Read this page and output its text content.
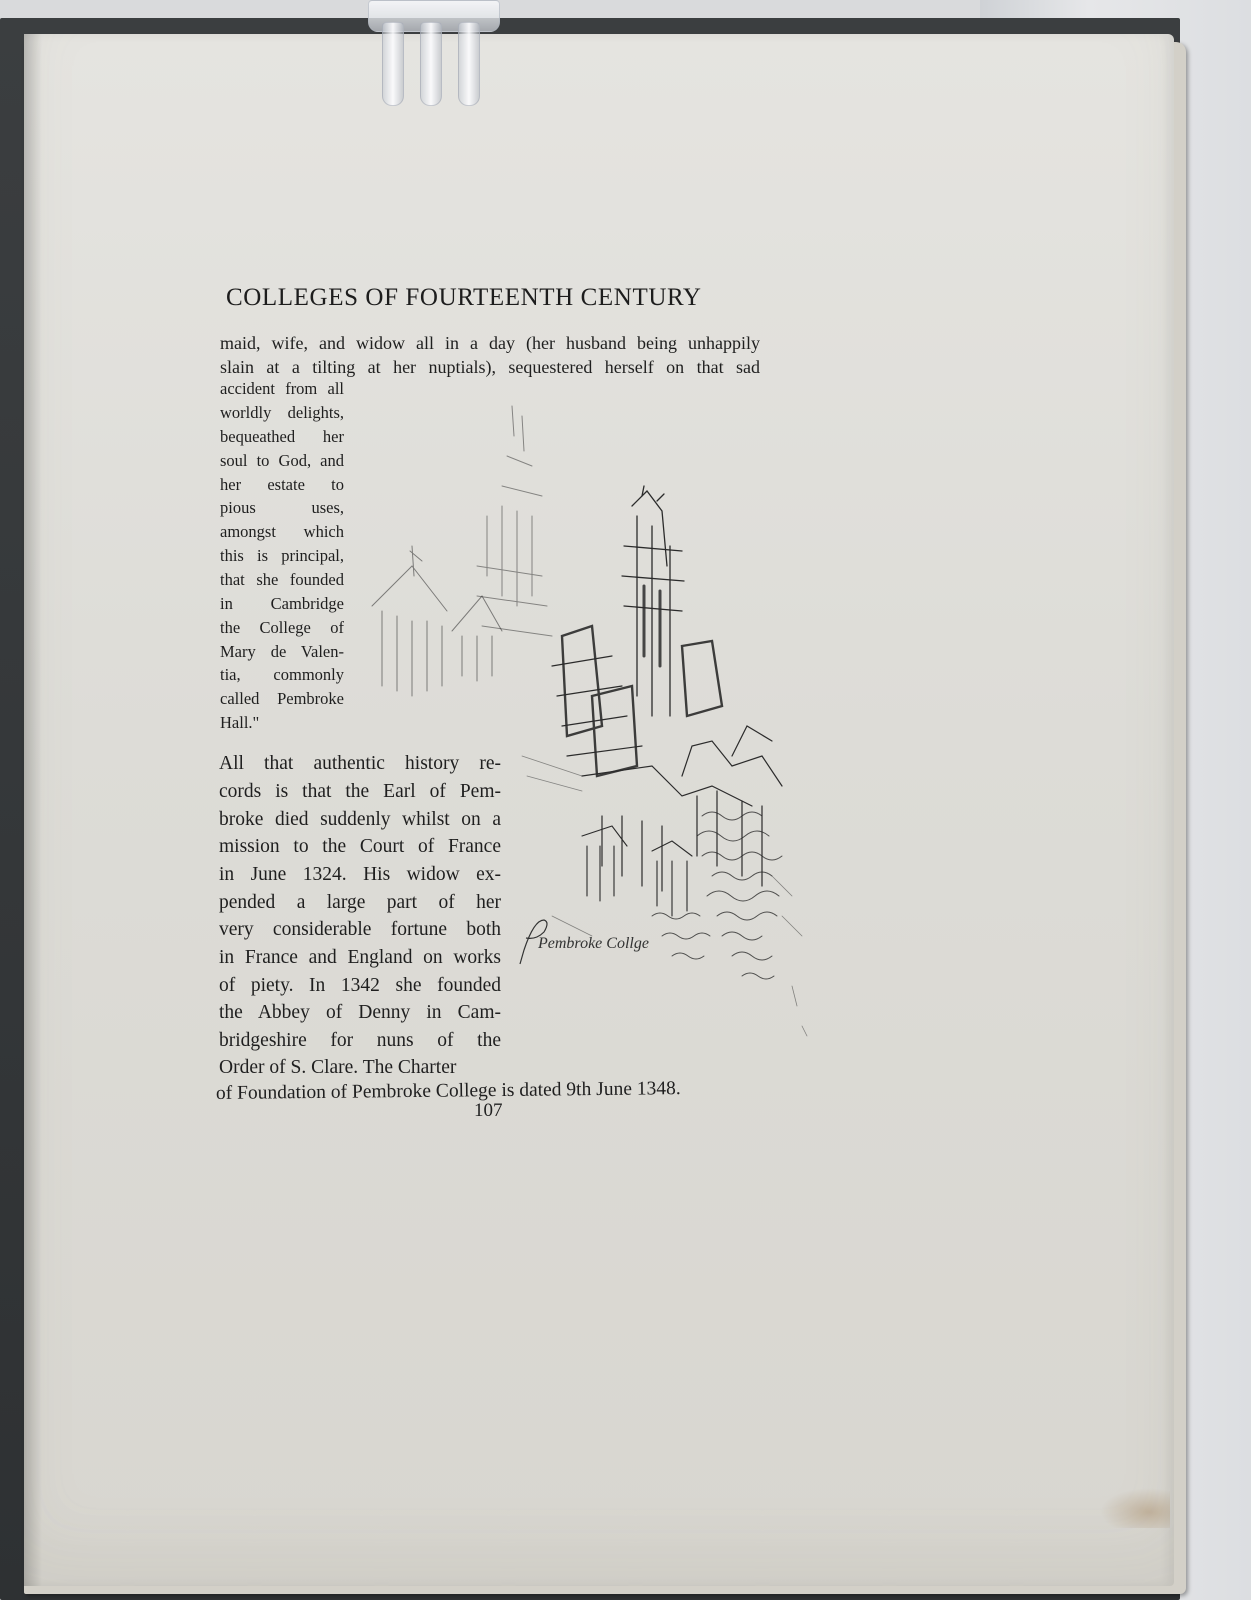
COLLEGES OF FOURTEENTH CENTURY
maid, wife, and widow all in a day (her husband being unhappily
slain at a tilting at her nuptials), sequestered herself on that sad
accident from all
worldly delights,
bequeathed her
soul to God, and
her estate to
pious uses,
amongst which
this is principal,
that she founded
in Cambridge
the College of
Mary de Valen-
tia, commonly
called Pembroke
Hall."
All that authentic history re-
cords is that the Earl of Pem-
broke died suddenly whilst on a
mission to the Court of France
in June 1324. His widow ex-
pended a large part of her
very considerable fortune both
in France and England on works
of piety. In 1342 she founded
the Abbey of Denny in Cam-
bridgeshire for nuns of the
Order of S. Clare. The Charter
of Foundation of Pembroke College is dated 9th June 1348.
107
Pembroke Collge
